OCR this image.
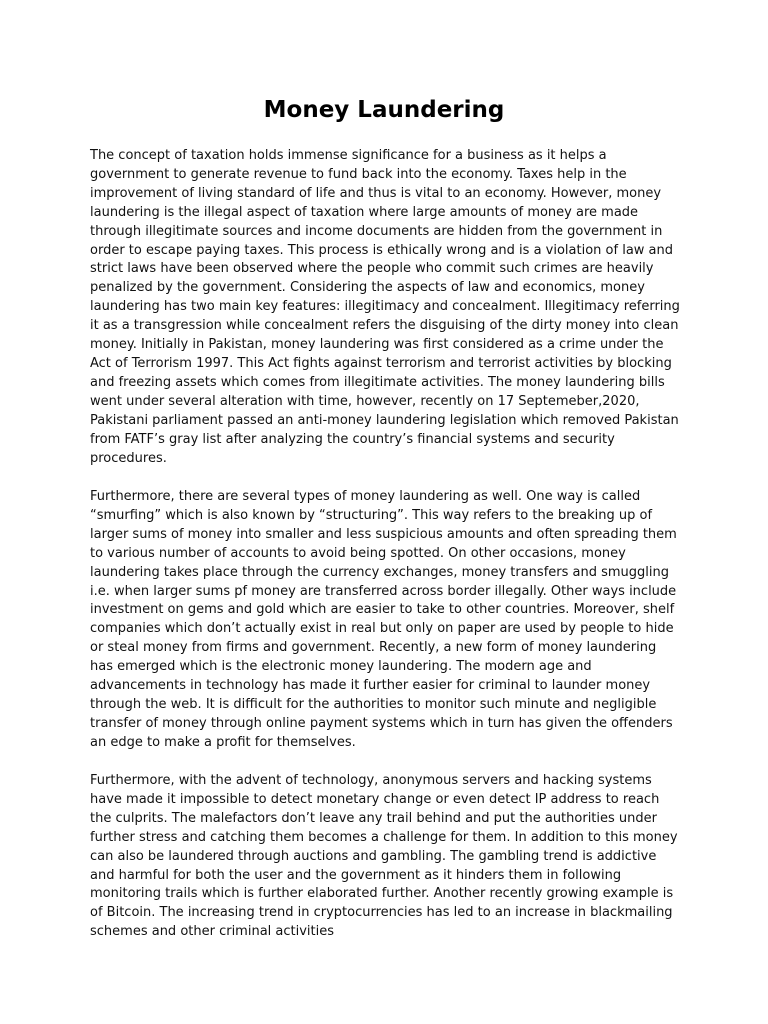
Money Laundering

The concept of taxation holds immense significance for a business as it helps a government to generate revenue to fund back into the economy. Taxes help in the improvement of living standard of life and thus is vital to an economy. However, money laundering is the illegal aspect of taxation where large amounts of money are made through illegitimate sources and income documents are hidden from the government in order to escape paying taxes. This process is ethically wrong and is a violation of law and strict laws have been observed where the people who commit such crimes are heavily penalized by the government. Considering the aspects of law and economics, money laundering has two main key features: illegitimacy and concealment. Illegitimacy referring it as a transgression while concealment refers the disguising of the dirty money into clean money. Initially in Pakistan, money laundering was first considered as a crime under the Act of Terrorism 1997. This Act fights against terrorism and terrorist activities by blocking and freezing assets which comes from illegitimate activities. The money laundering bills went under several alteration with time, however, recently on 17 Septemeber,2020, Pakistani parliament passed an anti-money laundering legislation which removed Pakistan from FATF’s gray list after analyzing the country’s financial systems and security procedures.

Furthermore, there are several types of money laundering as well. One way is called “smurfing” which is also known by “structuring”. This way refers to the breaking up of larger sums of money into smaller and less suspicious amounts and often spreading them to various number of accounts to avoid being spotted. On other occasions, money laundering takes place through the currency exchanges, money transfers and smuggling i.e. when larger sums pf money are transferred across border illegally. Other ways include investment on gems and gold which are easier to take to other countries. Moreover, shelf companies which don’t actually exist in real but only on paper are used by people to hide or steal money from firms and government. Recently, a new form of money laundering has emerged which is the electronic money laundering. The modern age and advancements in technology has made it further easier for criminal to launder money through the web. It is difficult for the authorities to monitor such minute and negligible transfer of money through online payment systems which in turn has given the offenders an edge to make a profit for themselves.

Furthermore, with the advent of technology, anonymous servers and hacking systems have made it impossible to detect monetary change or even detect IP address to reach the culprits. The malefactors don’t leave any trail behind and put the authorities under further stress and catching them becomes a challenge for them. In addition to this money can also be laundered through auctions and gambling. The gambling trend is addictive and harmful for both the user and the government as it hinders them in following monitoring trails which is further elaborated further. Another recently growing example is of Bitcoin. The increasing trend in cryptocurrencies has led to an increase in blackmailing schemes and other criminal activities
